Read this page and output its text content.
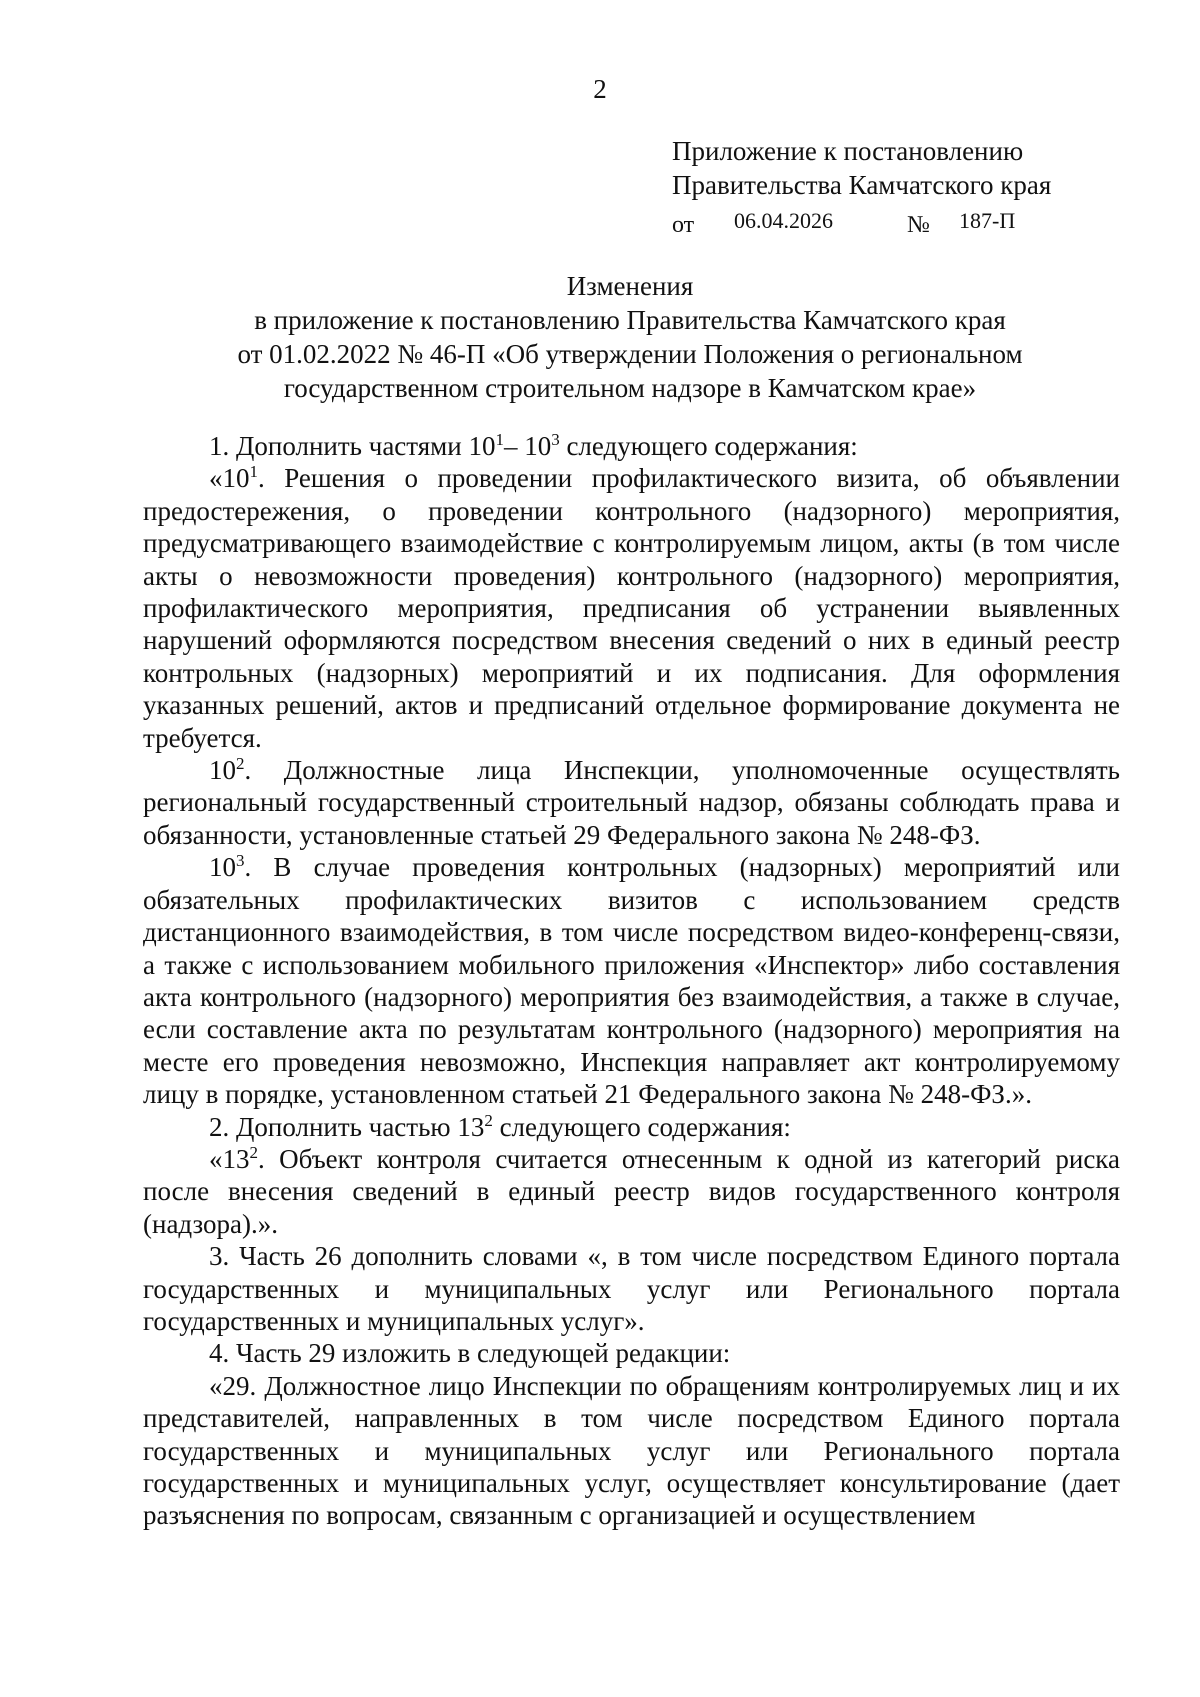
2
Приложение к постановлению
Правительства Камчатского края
от 06.04.2026	№ 187-П
Изменения
в приложение к постановлению Правительства Камчатского края
от 01.02.2022 № 46-П «Об утверждении Положения о региональном
государственном строительном надзоре в Камчатском крае»

1. Дополнить частями $10^1-$ $10^3$ следующего содержания:

«$10^1$. Решения о проведении профилактического визита, об объявлении предостережения, о проведении контрольного (надзорного) мероприятия, предусматривающего взаимодействие с контролируемым лицом, акты (в том числе акты о невозможности проведения) контрольного (надзорного) мероприятия, профилактического мероприятия, предписания об устранении выявленных нарушений оформляются посредством внесения сведений о них в единый реестр контрольных (надзорных) мероприятий и их подписания. Для оформления указанных решений, актов и предписаний отдельное формирование документа не требуется.

$10^2$. Должностные лица Инспекции, уполномоченные осуществлять региональный государственный строительный надзор, обязаны соблюдать права и обязанности, установленные статьей 29 Федерального закона № 248-ФЗ.

$10^3$. В случае проведения контрольных (надзорных) мероприятий или обязательных профилактических визитов с использованием средств дистанционного взаимодействия, в том числе посредством видео-конференц-связи, а также с использованием мобильного приложения «Инспектор» либо составления акта контрольного (надзорного) мероприятия без взаимодействия, а также в случае, если составление акта по результатам контрольного (надзорного) мероприятия на месте его проведения невозможно, Инспекция направляет акт контролируемому лицу в порядке, установленном статьей 21 Федерального закона № 248-ФЗ.».

2. Дополнить частью $13^2$ следующего содержания:

«$13^2$. Объект контроля считается отнесенным к одной из категорий риска после внесения сведений в единый реестр видов государственного контроля (надзора).».

3. Часть 26 дополнить словами «, в том числе посредством Единого портала государственных и муниципальных услуг или Регионального портала государственных и муниципальных услуг».

4. Часть 29 изложить в следующей редакции:

«29. Должностное лицо Инспекции по обращениям контролируемых лиц и их представителей, направленных в том числе посредством Единого портала государственных и муниципальных услуг или Регионального портала государственных и муниципальных услуг, осуществляет консультирование (дает разъяснения по вопросам, связанным с организацией и осуществлением
